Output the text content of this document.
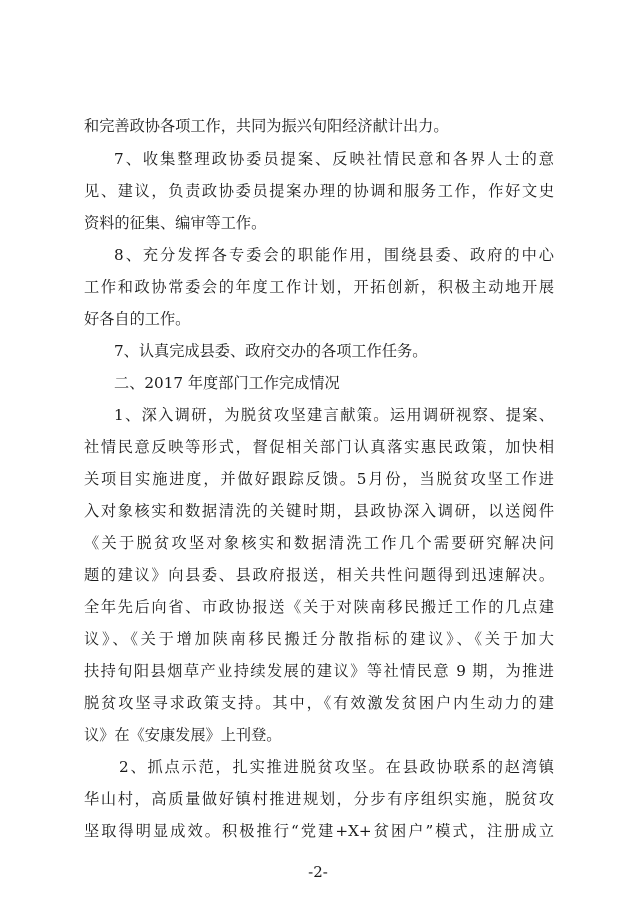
和完善政协各项工作，共同为振兴旬阳经济献计出力。
7、收集整理政协委员提案、反映社情民意和各界人士的意
见、建议，负责政协委员提案办理的协调和服务工作，作好文史
资料的征集、编审等工作。
8、充分发挥各专委会的职能作用，围绕县委、政府的中心
工作和政协常委会的年度工作计划，开拓创新，积极主动地开展
好各自的工作。
7、认真完成县委、政府交办的各项工作任务。
二、2017 年度部门工作完成情况
1、深入调研，为脱贫攻坚建言献策。运用调研视察、提案、
社情民意反映等形式，督促相关部门认真落实惠民政策，加快相
关项目实施进度，并做好跟踪反馈。5月份，当脱贫攻坚工作进
入对象核实和数据清洗的关键时期，县政协深入调研，以送阅件
《关于脱贫攻坚对象核实和数据清洗工作几个需要研究解决问
题的建议》向县委、县政府报送，相关共性问题得到迅速解决。
全年先后向省、市政协报送《关于对陕南移民搬迁工作的几点建
议》、《关于增加陕南移民搬迁分散指标的建议》、《关于加大
扶持旬阳县烟草产业持续发展的建议》等社情民意 9 期，为推进
脱贫攻坚寻求政策支持。其中，《有效激发贫困户内生动力的建
议》在《安康发展》上刊登。
2、抓点示范，扎实推进脱贫攻坚。在县政协联系的赵湾镇
华山村，高质量做好镇村推进规划，分步有序组织实施，脱贫攻
坚取得明显成效。积极推行“党建+X+贫困户”模式，注册成立
-2-
